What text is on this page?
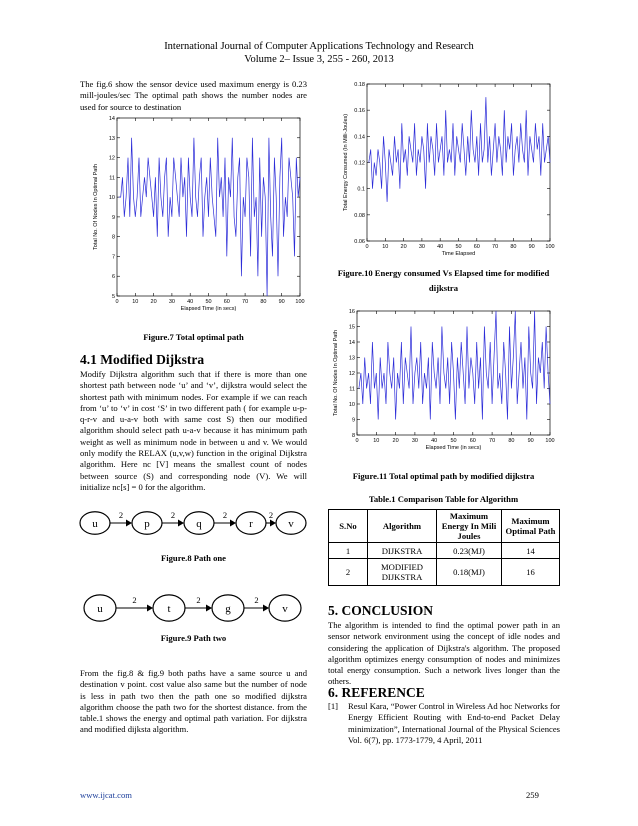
International Journal of Computer Applications Technology and Research
Volume 2– Issue 3, 255 - 260, 2013
The fig.6 show the sensor device used maximum energy is 0.23 mill-joules/sec The optimal path shows the number nodes are used for source to destination
0 10 20 30 40 50 60 70 80 90 100
5
6
7
8
9
10
11
12
13
14
Elapsed Time (in secs)
Total No. Of Nodes In Optimal Path
Figure.7 Total optimal path
4.1 Modified Dijkstra
Modify Dijkstra algorithm such that if there is more than one shortest path between node ‘u’ and ‘v’, dijkstra would select the shortest path with minimum nodes. For example if we can reach from ‘u’ to ‘v’ in cost ‘S’ in two different path ( for example u-p-q-r-v and u-a-v both with same cost S) then our modified algorithm should select path u-a-v because it has minimum path weight as well as minimum node in between u and v. We would only modify the RELAX (u,v,w) function in the original Dijkstra algorithm. Here nc [V] means the smallest count of nodes between source (S) and corresponding node (V). We will initialize nc[s] = 0 for the algorithm.
2	2	2	2
u	p	q	r	v
Figure.8 Path one
2	2	2
u	t	g	v
Figure.9 Path two
From the fig.8 & fig.9 both paths have a same source u and destination v point. cost value also same but the number of node is less in path two then the path one so modified dijkstra algorithm choose the path two for the shortest distance. from the table.1 shows the energy and optimal path variation. For dijkstra and modified dijksta algorithm.
0 10 20 30 40 50 60 70 80 90 100
0.06
0.08
0.1
0.12
0.14
0.16
0.18
Time Elapsed
Total Energy Consumed (In Milli-Joules)
Figure.10 Energy consumed Vs Elapsed time for modified
dijkstra
0	10 20 30 40 50 60 70 80 90 100
8
9
10
11
12
13
14
15
16
Elapsed Time (in secs)
Total No. Of Nodes In Optimal Path
Figure.11 Total optimal path by modified dijkstra
Table.1 Comparison Table for Algorithm
S.No	Algorithm	Maximum Energy In Mili Joules	Maximum Optimal Path
1	DIJKSTRA	0.23(MJ)	14
2	MODIFIED DIJKSTRA	0.18(MJ)	16
5. CONCLUSION
The algorithm is intended to find the optimal power path in an sensor network environment using the concept of idle nodes and considering the application of Dijkstra's algorithm. The proposed algorithm optimizes energy consumption of nodes and minimizes total energy consumption. Such a network lives longer than the others.
6. REFERENCE
[1]	Resul Kara, “Power Control in Wireless Ad hoc Networks for Energy Efficient Routing with End-to-end Packet Delay minimization”, International Journal of the Physical Sciences Vol. 6(7), pp. 1773-1779, 4 April, 2011
www.ijcat.com	259
